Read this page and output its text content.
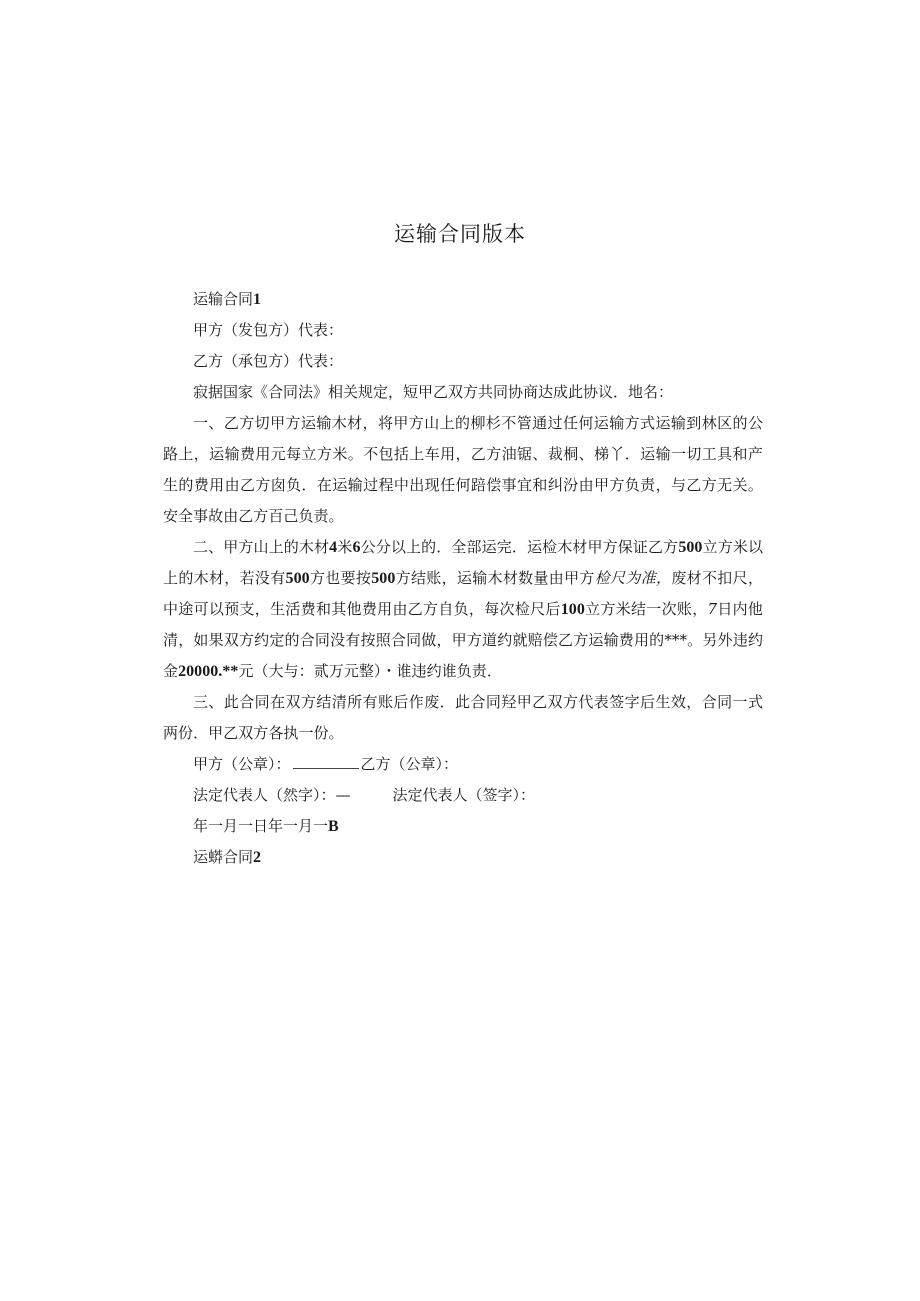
运输合同版本

运输合同1

甲方（发包方）代表：

乙方（承包方）代表：

寂据国家《合同法》相关规定，短甲乙双方共同协商达成此协议．地名：

一、乙方切甲方运输木材，将甲方山上的柳杉不管通过任何运输方式运输到林区的公路上，运输费用元每立方米。不包括上车用，乙方油锯、裁桐、梯丫．运输一切工具和产生的费用由乙方囱负．在运输过程中出现任何踣偿事宜和纠汾由甲方负责，与乙方无关。安全事故由乙方百己负责。

二、甲方山上的木材4米6公分以上的．全部运完．运检木材甲方保证乙方500立方米以上的木材，若没有500方也要按500方结账，运输木材数量由甲方检尺为准，废材不扣尺，中途可以预支，生活费和其他费用由乙方自负，每次检尺后100立方米结一次账，7日内他清，如果双方约定的合同没有按照合同做，甲方道约就赔偿乙方运输费用的***。另外违约金20000.**元（大与：贰万元整）・谁违约谁负责．

三、此合同在双方结清所有账后作废．此合同羟甲乙双方代表签字后生效，合同一式两份．甲乙双方各执一份。

甲方（公章）：	乙方（公章）：

法定代表人（然字）：—	法定代表人（签字）：

年一月一日年一月一B

运蟒合同2
